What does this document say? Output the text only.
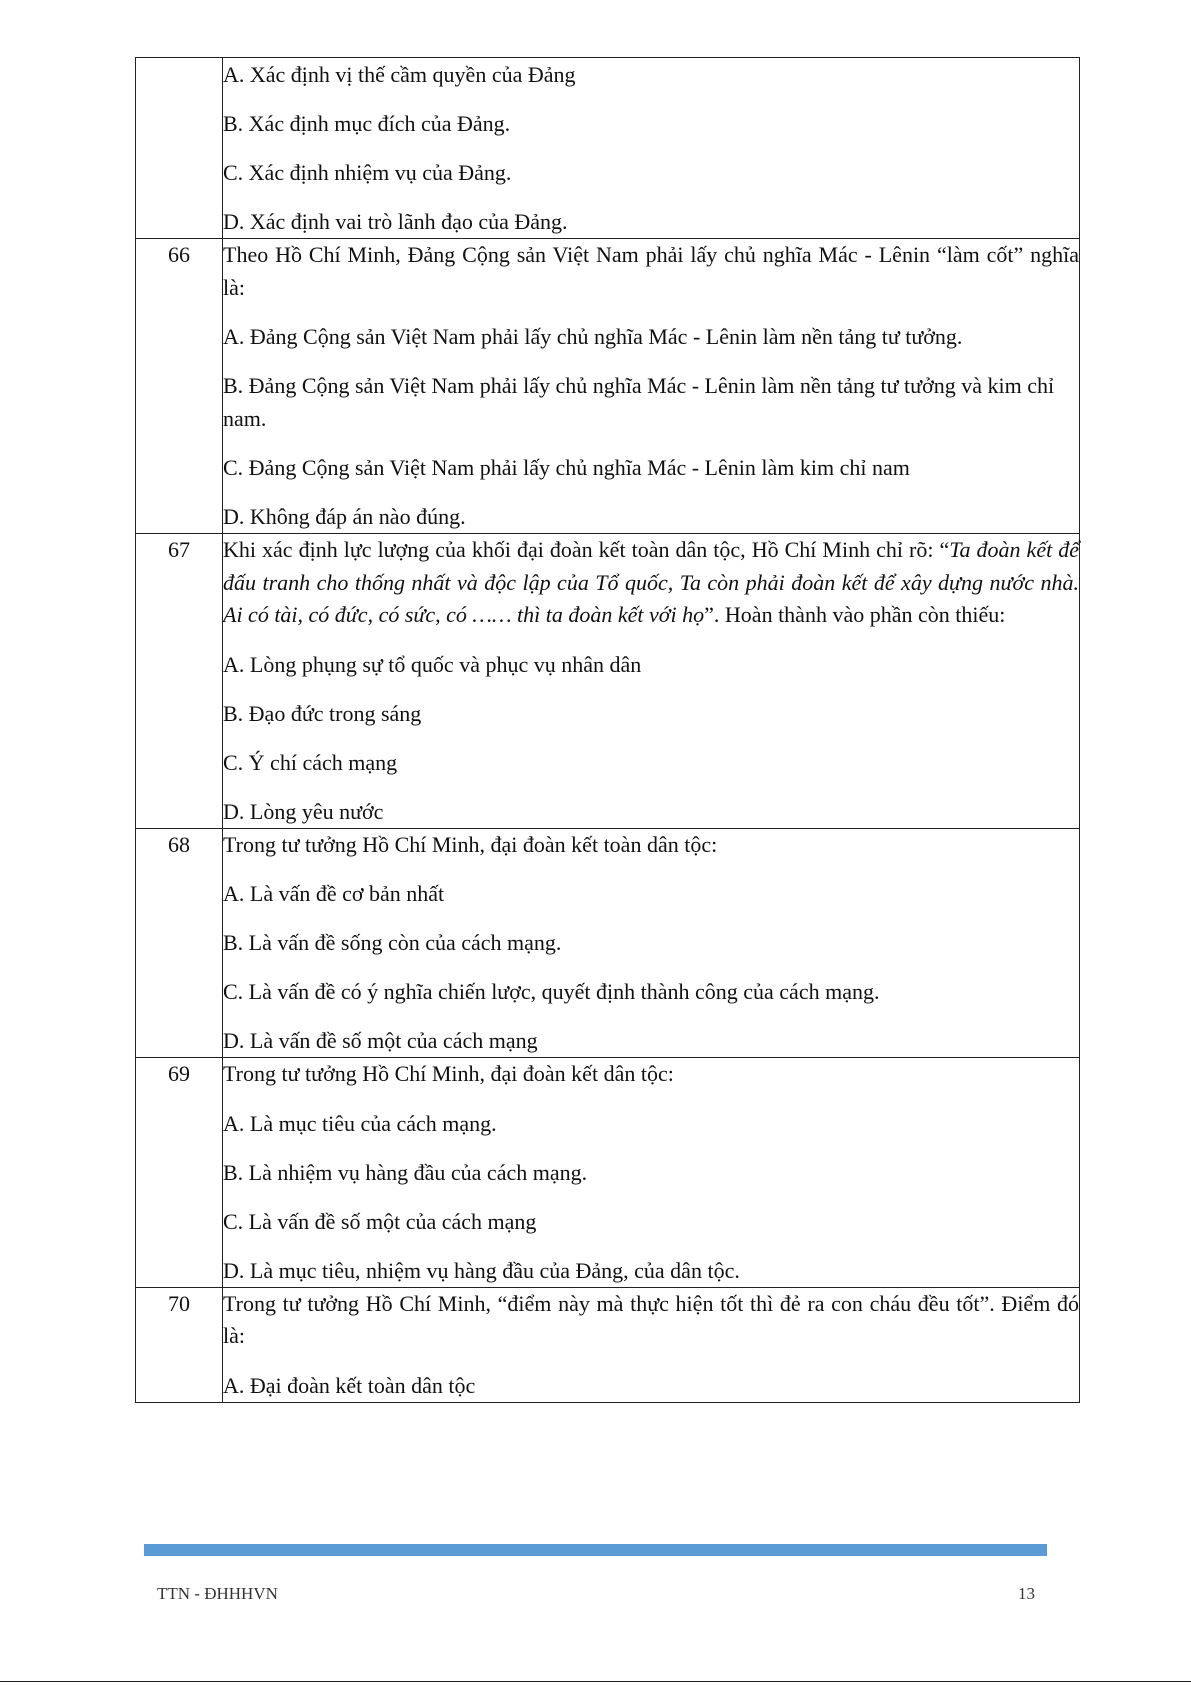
	A. Xác định vị thế cầm quyền của Đảng
B. Xác định mục đích của Đảng.
C. Xác định nhiệm vụ của Đảng.
D. Xác định vai trò lãnh đạo của Đảng.

66	Theo Hồ Chí Minh, Đảng Cộng sản Việt Nam phải lấy chủ nghĩa Mác - Lênin “làm cốt” nghĩa là:

A. Đảng Cộng sản Việt Nam phải lấy chủ nghĩa Mác - Lênin làm nền tảng tư tưởng.
B. Đảng Cộng sản Việt Nam phải lấy chủ nghĩa Mác - Lênin làm nền tảng tư tưởng và kim chỉ nam.
C. Đảng Cộng sản Việt Nam phải lấy chủ nghĩa Mác - Lênin làm kim chỉ nam
D. Không đáp án nào đúng.

67	Khi xác định lực lượng của khối đại đoàn kết toàn dân tộc, Hồ Chí Minh chỉ rõ: “Ta đoàn kết để đấu tranh cho thống nhất và độc lập của Tổ quốc, Ta còn phải đoàn kết để xây dựng nước nhà. Ai có tài, có đức, có sức, có …… thì ta đoàn kết với họ”. Hoàn thành vào phần còn thiếu:

A. Lòng phụng sự tổ quốc và phục vụ nhân dân
B. Đạo đức trong sáng
C. Ý chí cách mạng
D. Lòng yêu nước

68	Trong tư tưởng Hồ Chí Minh, đại đoàn kết toàn dân tộc:

A. Là vấn đề cơ bản nhất
B. Là vấn đề sống còn của cách mạng.
C. Là vấn đề có ý nghĩa chiến lược, quyết định thành công của cách mạng.
D. Là vấn đề số một của cách mạng

69	Trong tư tưởng Hồ Chí Minh, đại đoàn kết dân tộc:

A. Là mục tiêu của cách mạng.
B. Là nhiệm vụ hàng đầu của cách mạng.
C. Là vấn đề số một của cách mạng
D. Là mục tiêu, nhiệm vụ hàng đầu của Đảng, của dân tộc.

70	Trong tư tưởng Hồ Chí Minh, “điểm này mà thực hiện tốt thì đẻ ra con cháu đều tốt”. Điểm đó là:

A. Đại đoàn kết toàn dân tộc
TTN - ĐHHHVN	13
